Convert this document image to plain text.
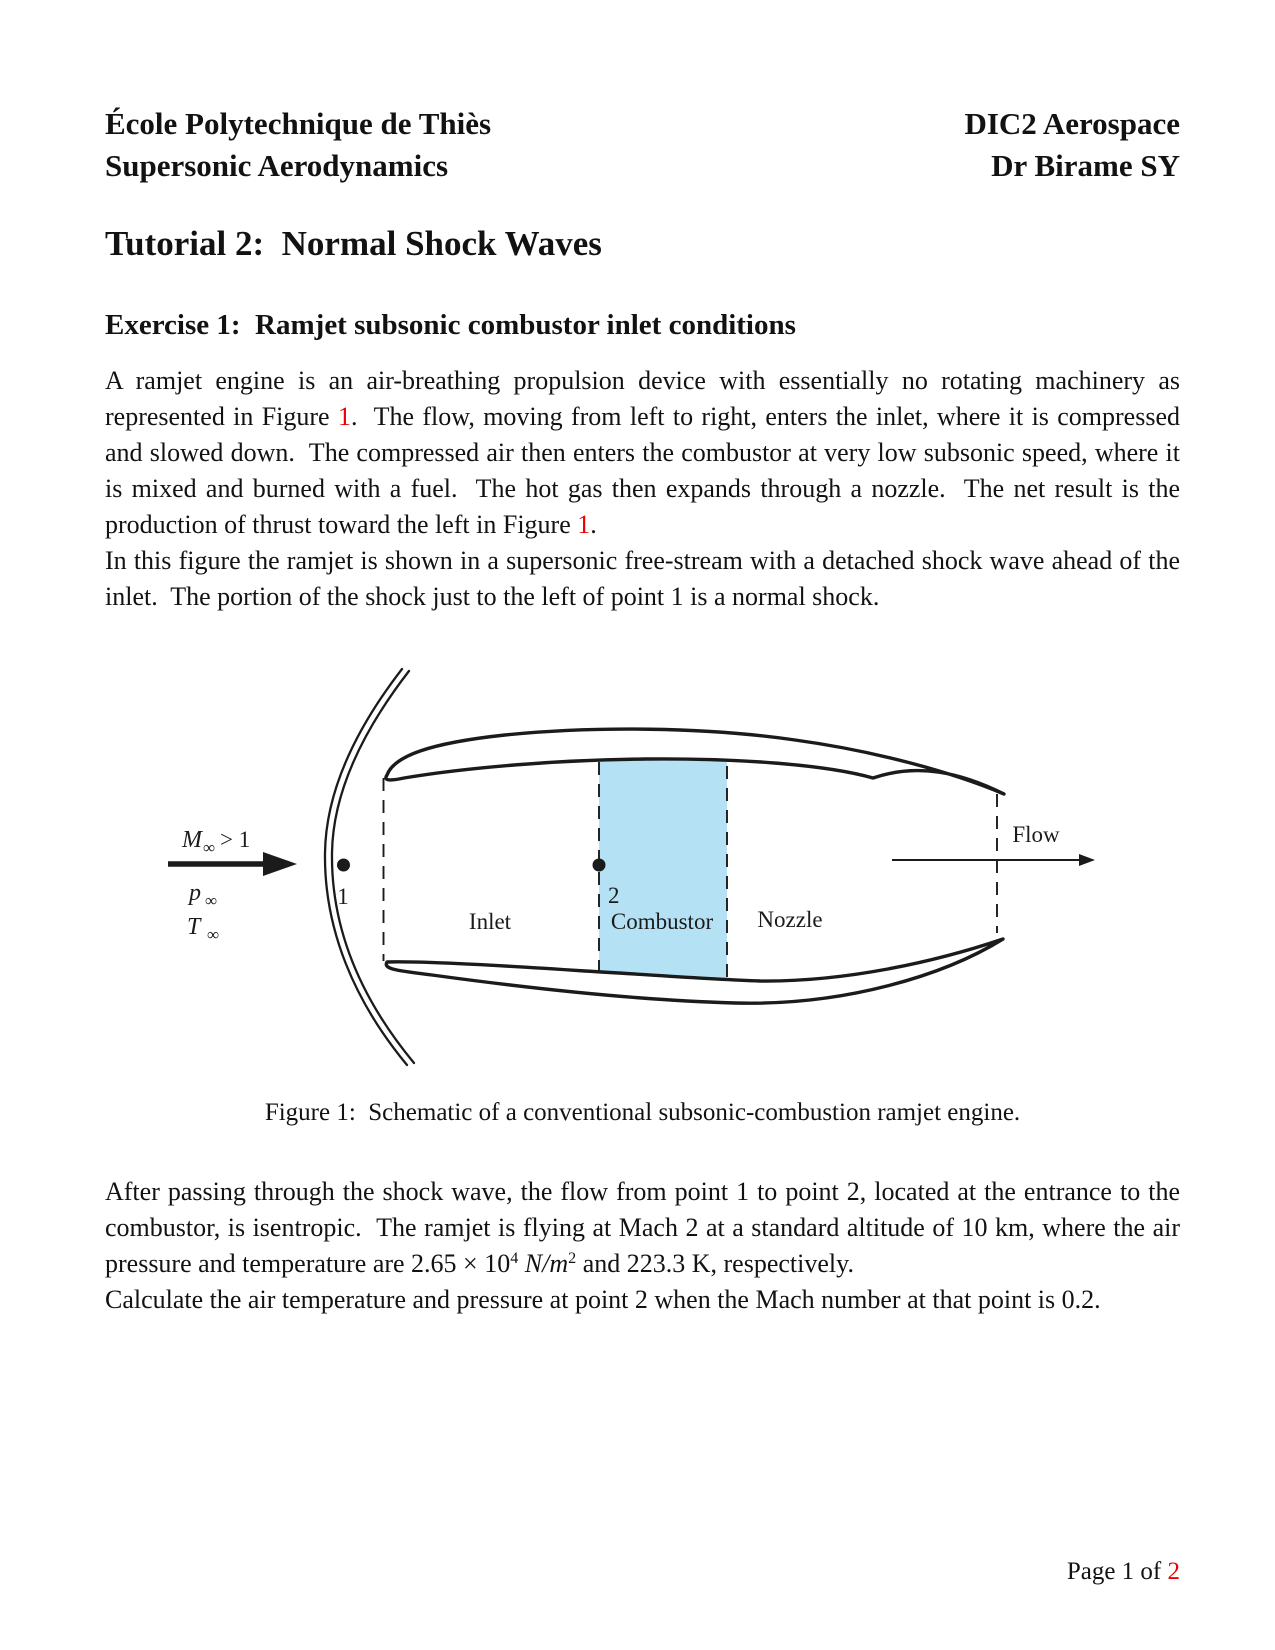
École Polytechnique de Thiès	DIC2 Aerospace
Supersonic Aerodynamics	Dr Birame SY
Tutorial 2:  Normal Shock Waves
Exercise 1:  Ramjet subsonic combustor inlet conditions

A ramjet engine is an air-breathing propulsion device with essentially no rotating machinery as represented in Figure 1.  The flow, moving from left to right, enters the inlet, where it is compressed and slowed down.  The compressed air then enters the combustor at very low subsonic speed, where it is mixed and burned with a fuel.  The hot gas then expands through a nozzle.  The net result is the production of thrust toward the left in Figure 1.

In this figure the ramjet is shown in a supersonic free-stream with a detached shock wave ahead of the inlet.  The portion of the shock just to the left of point 1 is a normal shock.

M ∞ > 1
p ∞
T ∞
1	2
Inlet	Combustor Nozzle
Flow
Figure 1:  Schematic of a conventional subsonic-combustion ramjet engine.

After passing through the shock wave, the flow from point 1 to point 2, located at the entrance to the combustor, is isentropic.  The ramjet is flying at Mach 2 at a standard altitude of 10 km, where the air pressure and temperature are $2.65 \times 10^4$ $N/m^2$ and 223.3 K, respectively.

Calculate the air temperature and pressure at point 2 when the Mach number at that point is 0.2.

Page 1 of 2
